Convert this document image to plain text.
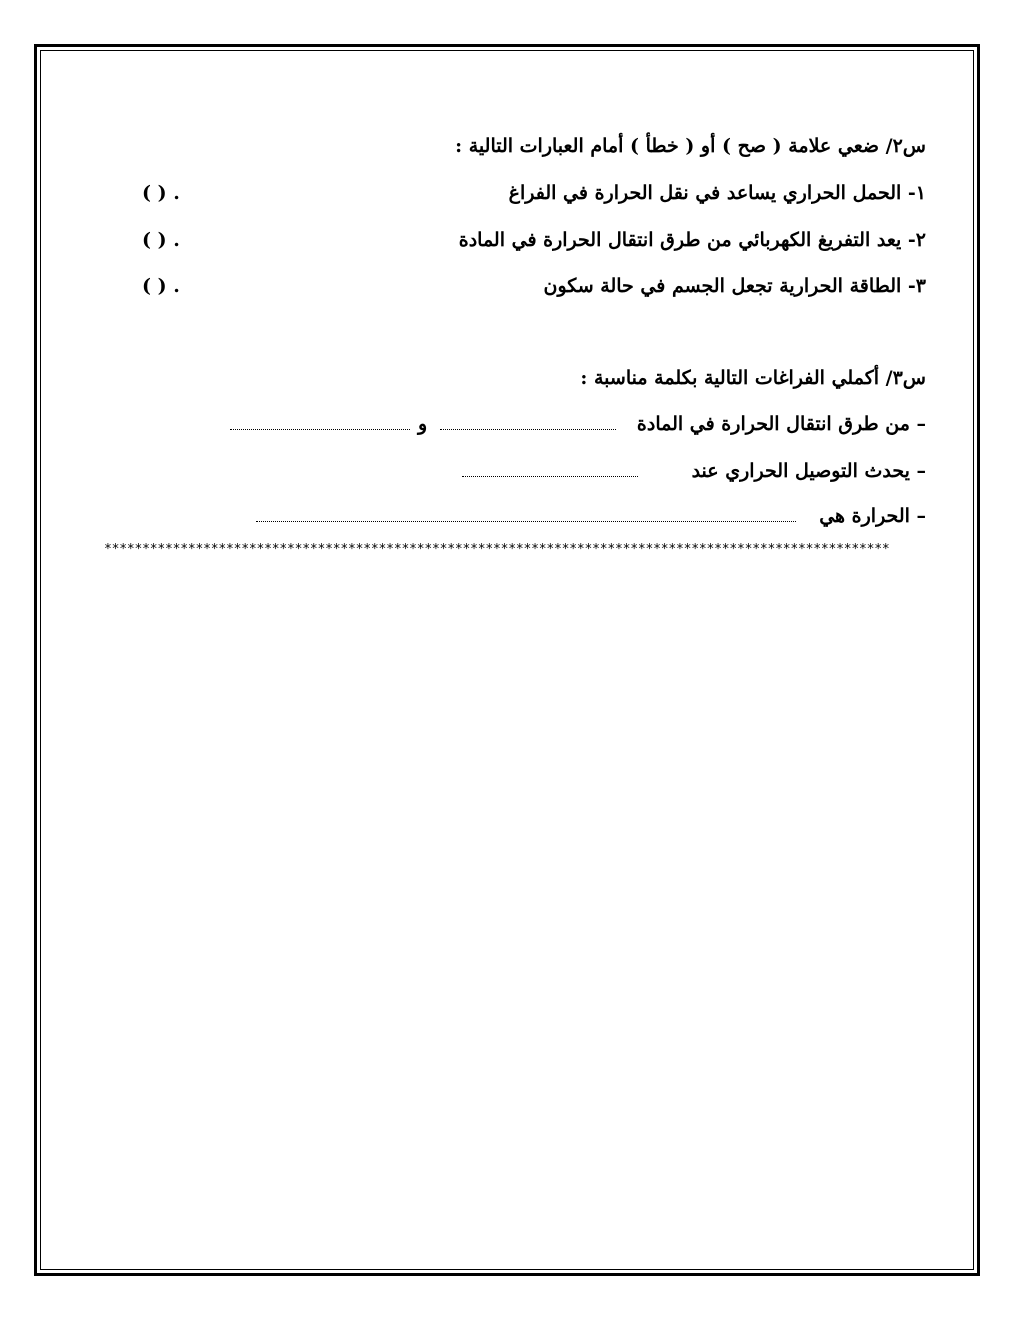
س٢/ ضعي علامة ( صح ) أو ( خطأ ) أمام العبارات التالية :
١- الحمل الحراري يساعد في نقل الحرارة في الفراغ
( ) .
٢- يعد التفريغ الكهربائي من طرق انتقال الحرارة في المادة
( ) .
٣- الطاقة الحرارية تجعل الجسم في حالة سكون
( ) .
س٣/ أكملي الفراغات التالية بكلمة مناسبة :
– من طرق انتقال الحرارة في المادة
و
– يحدث التوصيل الحراري عند
– الحرارة هي
*******************************************************************************************************
